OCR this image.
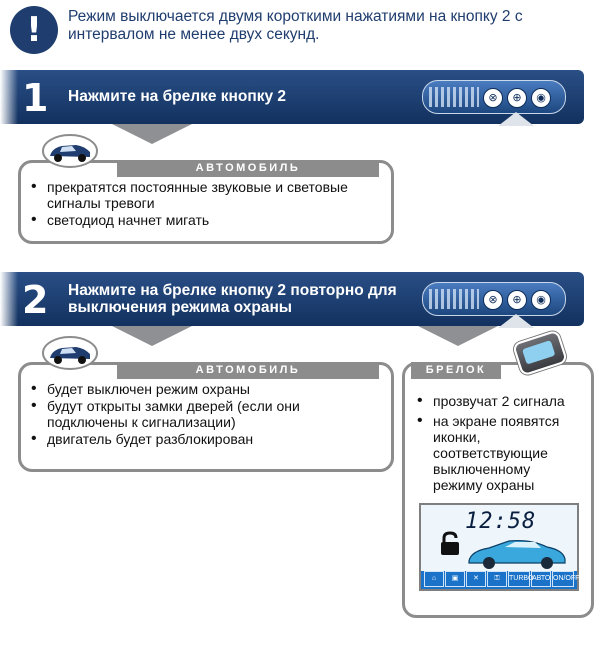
!	Режим выключается двумя короткими нажатиями на кнопку 2 с интервалом не менее двух секунд.
1 Нажмите на брелке кнопку 2	⊗	⊕	◉
АВТОМОБИЛЬ
• прекратятся постоянные звуковые и световые сигналы тревоги
• светодиод начнет мигать
2 Нажмите на брелке кнопку 2 повторно для выключения режима охраны	⊗	⊕	◉
АВТОМОБИЛЬ
• будет выключен режим охраны
• будут открыты замки дверей (если они подключены к сигнализации)
• двигатель будет разблокирован
БРЕЛОК
• прозвучат 2 сигнала
• на экране появятся иконки, соответствующие выключенному режиму охраны
12:58
⌂	▣	✕	⚿	TURBO
АВТО ON/OFF
